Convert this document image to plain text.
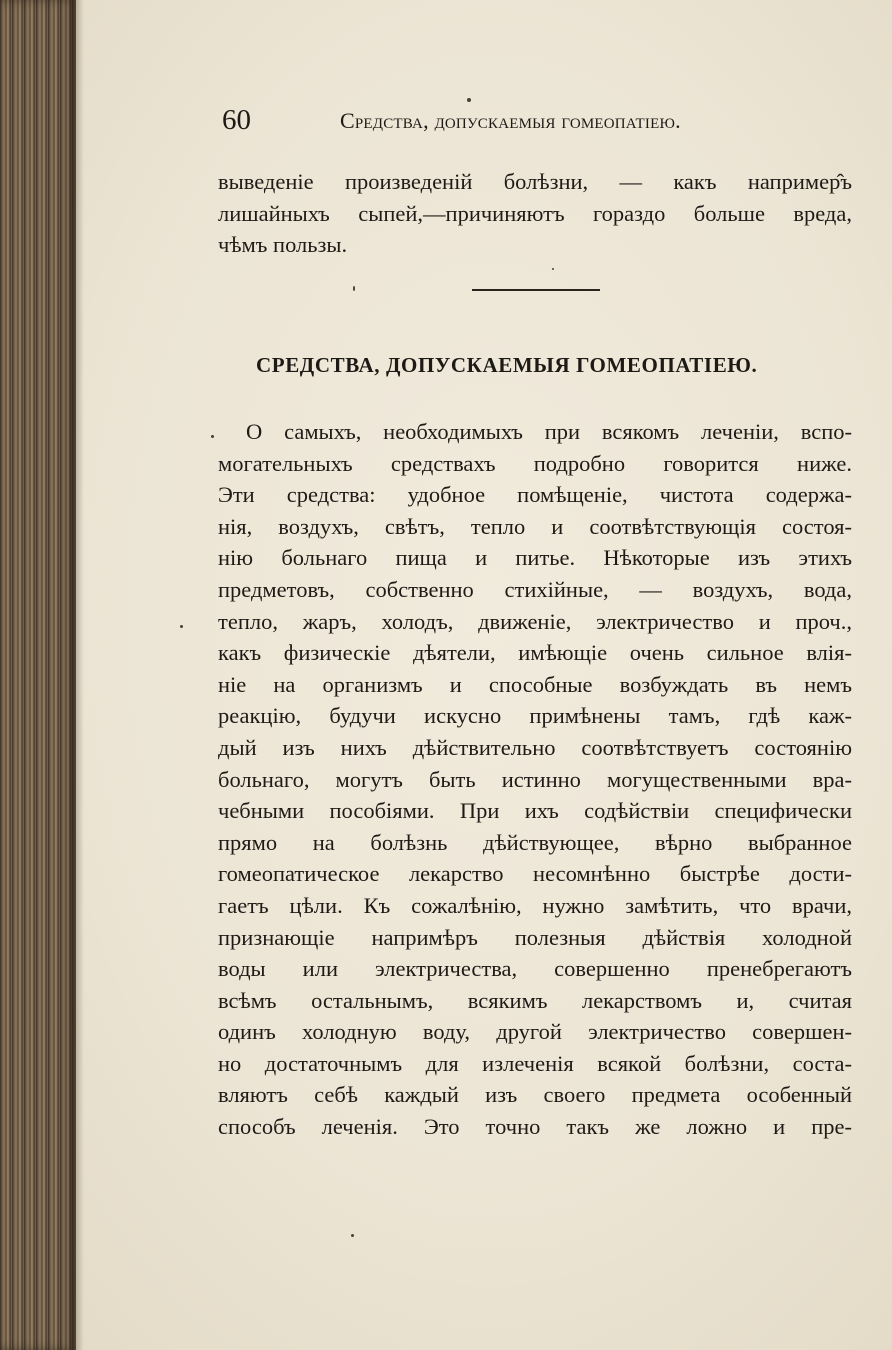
60	Средства, допускаемыя гомеопатiею.
выведенiе произведенiй болѣзни, — какъ например̂ъ
лишайныхъ сыпей,—причиняютъ гораздо больше вреда,
чѣмъ пользы.
СРЕДСТВА, ДОПУСКАЕМЫЯ ГОМЕОПАТIЕЮ.
О самыхъ, необходимыхъ при всякомъ леченiи, вспо-
могательныхъ средствахъ подробно говорится ниже.
Эти средства: удобное помѣщенiе, чистота содержа-
нiя, воздухъ, свѣтъ, тепло и соотвѣтствующiя состоя-
нiю больнаго пища и питье. Нѣкоторые изъ этихъ
предметовъ, собственно стихiйные, — воздухъ, вода,
тепло, жаръ, холодъ, движенiе, электричество и проч.,
какъ физическiе дѣятели, имѣющiе очень сильное влiя-
нiе на организмъ и способные возбуждать въ немъ
реакцiю, будучи искусно примѣнены тамъ, гдѣ каж-
дый изъ нихъ дѣйствительно соотвѣтствуетъ состоянiю
больнаго, могутъ быть истинно могущественными вра-
чебными пособiями. При ихъ содѣйствiи специфически
прямо на болѣзнь дѣйствующее, вѣрно выбранное
гомеопатическое лекарство несомнѣнно быстрѣе дости-
гаетъ цѣли. Къ сожалѣнiю, нужно замѣтить, что врачи,
признающiе напримѣръ полезныя дѣйствiя холодной
воды или электричества, совершенно пренебрегаютъ
всѣмъ остальнымъ, всякимъ лекарствомъ и, считая
одинъ холодную воду, другой электричество совершен-
но достаточнымъ для излеченiя всякой болѣзни, соста-
вляютъ себѣ каждый изъ своего предмета особенный
способъ леченiя. Это точно такъ же ложно и пре-
